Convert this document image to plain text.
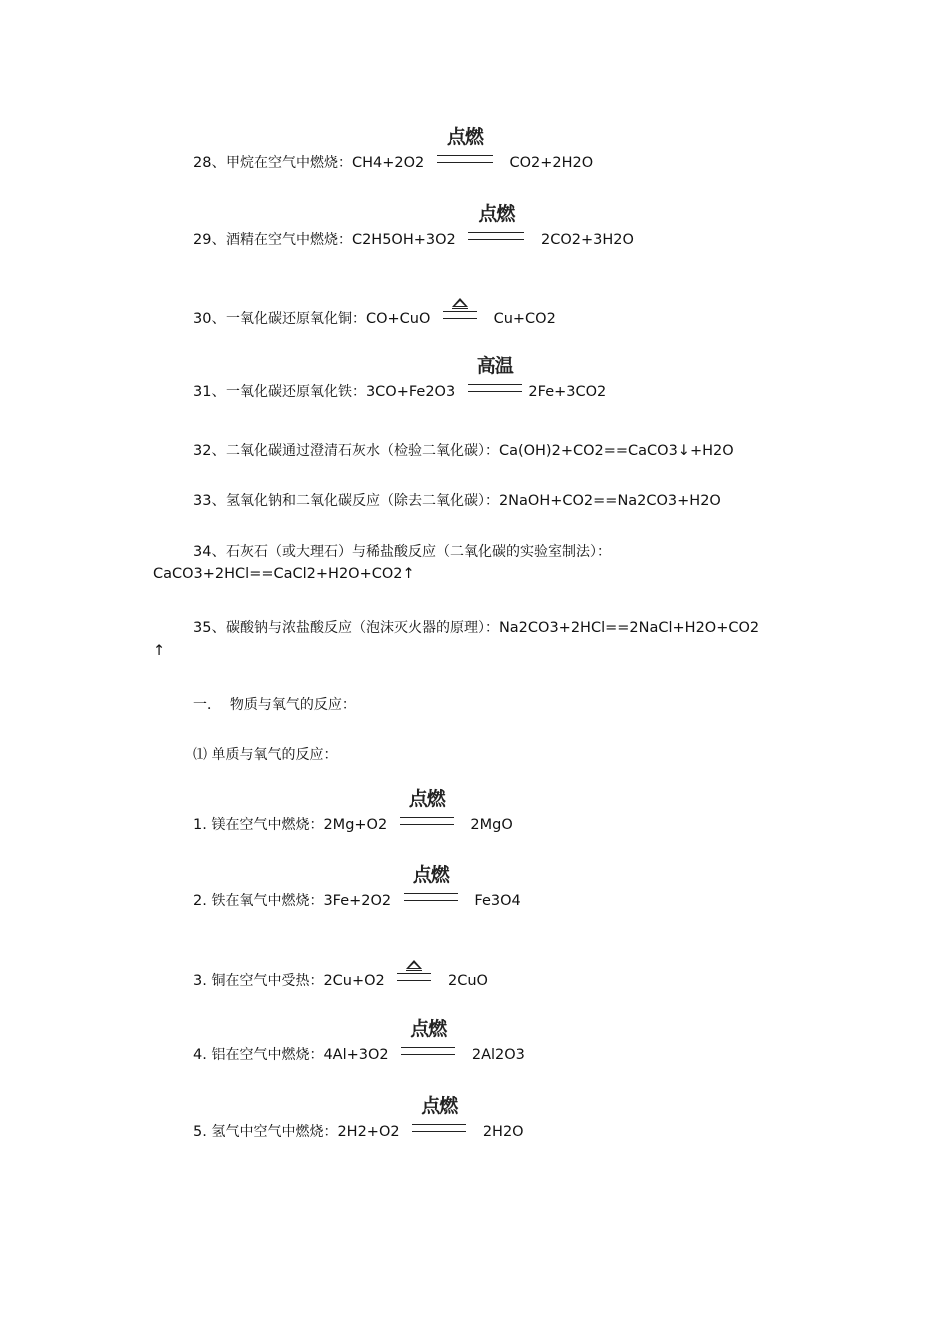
28、甲烷在空气中燃烧：CH4+2O2
点燃
CO2+2H2O
29、酒精在空气中燃烧：C2H5OH+3O2
点燃
2CO2+3H2O
30、一氧化碳还原氧化铜：CO+CuO	Cu+CO2
31、一氧化碳还原氧化铁：3CO+Fe2O3
高温
2Fe+3CO2
32、二氧化碳通过澄清石灰水（检验二氧化碳）：Ca(OH)2+CO2==CaCO3↓+H2O
33、氢氧化钠和二氧化碳反应（除去二氧化碳）：2NaOH+CO2==Na2CO3+H2O
34、石灰石（或大理石）与稀盐酸反应（二氧化碳的实验室制法）：
CaCO3+2HCl==CaCl2+H2O+CO2↑
35、碳酸钠与浓盐酸反应（泡沫灭火器的原理）：Na2CO3+2HCl==2NaCl+H2O+CO2
↑
一．  物质与氧气的反应：
⑴ 单质与氧气的反应：
1. 镁在空气中燃烧：2Mg+O2
点燃
2MgO
2. 铁在氧气中燃烧：3Fe+2O2
点燃
Fe3O4
3. 铜在空气中受热：2Cu+O2	2CuO
4. 铝在空气中燃烧：4Al+3O2
点燃
2Al2O3
5. 氢气中空气中燃烧：2H2+O2
点燃
2H2O
